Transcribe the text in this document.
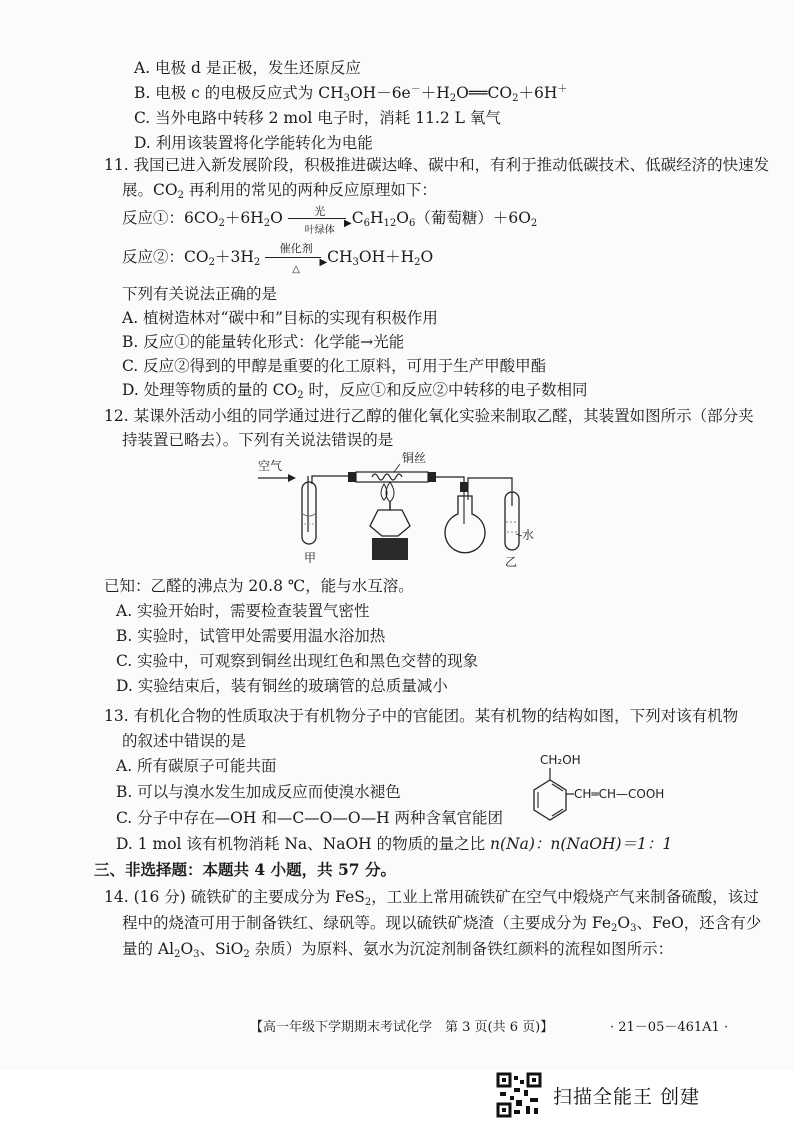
A. 电极 d 是正极，发生还原反应
B. 电极 c 的电极反应式为 $CH_3OH-6e^-+H_2O══CO_2+6H^+$
C. 当外电路中转移 2 mol 电子时，消耗 11.2 L 氧气
D. 利用该装置将化学能转化为电能
11. 我国已进入新发展阶段，积极推进碳达峰、碳中和，有利于推动低碳技术、低碳经济的快速发
展。$CO_2$ 再利用的常见的两种反应原理如下：
反应①：$6CO_2+6H_2O$	光
▶
叶绿体
$C_6H_{12}O_6$（葡萄糖）$+6O_2$
反应②：$CO_2+3H_2$
催化剂
▶
△
$CH_3OH+H_2O$
下列有关说法正确的是
A. 植树造林对“碳中和”目标的实现有积极作用
B. 反应①的能量转化形式：化学能→光能
C. 反应②得到的甲醇是重要的化工原料，可用于生产甲酸甲酯
D. 处理等物质的量的 $CO_2$ 时，反应①和反应②中转移的电子数相同
12. 某课外活动小组的同学通过进行乙醇的催化氧化实验来制取乙醛，其装置如图所示（部分夹
持装置已略去）。下列有关说法错误的是
空气
甲
铜丝
水
乙
已知：乙醛的沸点为 20.8 ℃，能与水互溶。
A. 实验开始时，需要检查装置气密性
B. 实验时，试管甲处需要用温水浴加热
C. 实验中，可观察到铜丝出现红色和黑色交替的现象
D. 实验结束后，装有铜丝的玻璃管的总质量减小
13. 有机化合物的性质取决于有机物分子中的官能团。某有机物的结构如图，下列对该有机物
的叙述中错误的是
A. 所有碳原子可能共面
B. 可以与溴水发生加成反应而使溴水褪色
C. 分子中存在—OH 和—C—O—O—H 两种含氧官能团
D. 1 mol 该有机物消耗 Na、NaOH 的物质的量之比 n(Na)：n(NaOH)＝1：1
CH₂OH
CH═CH—COOH
三、非选择题：本题共 4 小题，共 57 分。
14. (16 分) 硫铁矿的主要成分为 FeS$_2$，工业上常用硫铁矿在空气中煅烧产气来制备硫酸，该过
程中的烧渣可用于制备铁红、绿矾等。现以硫铁矿烧渣（主要成分为 $Fe_2O_3$、FeO，还含有少
量的 $Al_2O_3$、SiO$_2$ 杂质）为原料、氨水为沉淀剂制备铁红颜料的流程如图所示：
【高一年级下学期期末考试化学　第 3 页(共 6 页)】	· 21－05－461A1 ·
扫描全能王 创建
